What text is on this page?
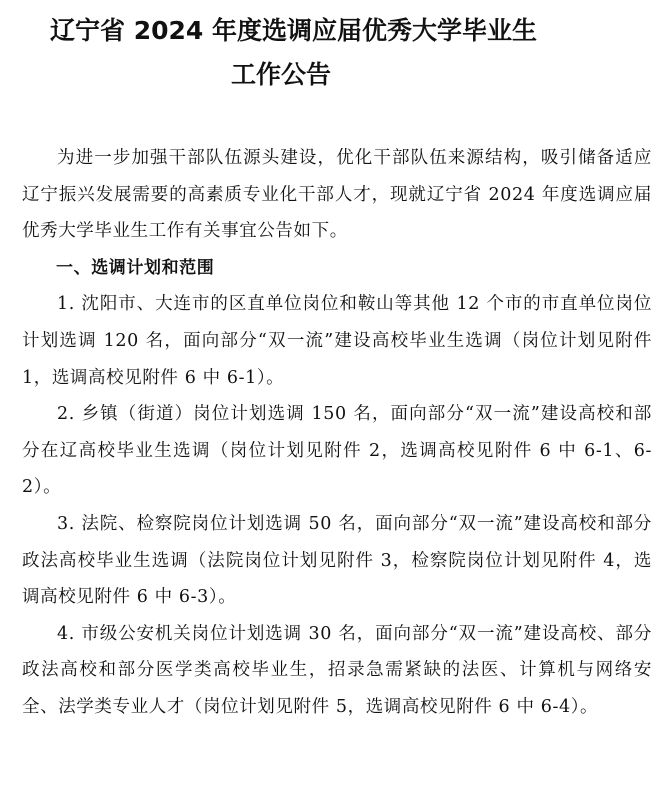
辽宁省 2024 年度选调应届优秀大学毕业生
工作公告

为进一步加强干部队伍源头建设，优化干部队伍来源结构，吸引储备适应辽宁振兴发展需要的高素质专业化干部人才，现就辽宁省 2024 年度选调应届优秀大学毕业生工作有关事宜公告如下。

一、选调计划和范围

1. 沈阳市、大连市的区直单位岗位和鞍山等其他 12 个市的市直单位岗位计划选调 120 名，面向部分“双一流”建设高校毕业生选调（岗位计划见附件 1，选调高校见附件 6 中 6-1）。

2. 乡镇（街道）岗位计划选调 150 名，面向部分“双一流”建设高校和部分在辽高校毕业生选调（岗位计划见附件 2，选调高校见附件 6 中 6-1、6-2）。

3. 法院、检察院岗位计划选调 50 名，面向部分“双一流”建设高校和部分政法高校毕业生选调（法院岗位计划见附件 3，检察院岗位计划见附件 4，选调高校见附件 6 中 6-3）。

4. 市级公安机关岗位计划选调 30 名，面向部分“双一流”建设高校、部分政法高校和部分医学类高校毕业生，招录急需紧缺的法医、计算机与网络安全、法学类专业人才（岗位计划见附件 5，选调高校见附件 6 中 6-4）。
